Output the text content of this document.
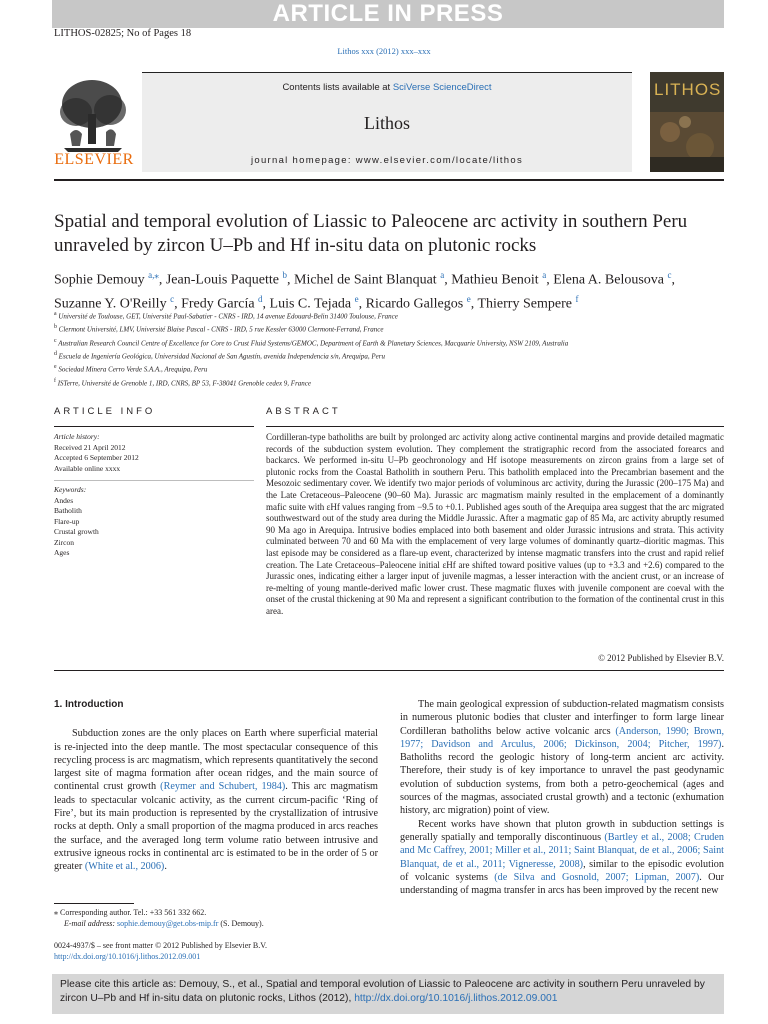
ARTICLE IN PRESS
LITHOS-02825; No of Pages 18
Lithos xxx (2012) xxx–xxx
ELSEVIER
Contents lists available at SciVerse ScienceDirect
Lithos
journal homepage: www.elsevier.com/locate/lithos
LITHOS
Spatial and temporal evolution of Liassic to Paleocene arc activity in southern Peru unraveled by zircon U–Pb and Hf in-situ data on plutonic rocks
Sophie Demouy $^{a,⁎}$, Jean-Louis Paquette $^b$, Michel de Saint Blanquat $^a$, Mathieu Benoit $^a$, Elena A. Belousova $^c$,
Suzanne Y. O'Reilly $^c$, Fredy García $^d$, Luis C. Tejada $^e$, Ricardo Gallegos $^e$, Thierry Sempere $^f$
$^a$ Université de Toulouse, GET, Université Paul-Sabatier - CNRS - IRD, 14 avenue Edouard-Belin 31400 Toulouse, France
$^b$ Clermont Université, LMV, Université Blaise Pascal - CNRS - IRD, 5 rue Kessler 63000 Clermont-Ferrand, France
$^c$ Australian Research Council Centre of Excellence for Core to Crust Fluid Systems/GEMOC, Department of Earth & Planetary Sciences, Macquarie University, NSW 2109, Australia
$^d$ Escuela de Ingeniería Geológica, Universidad Nacional de San Agustín, avenida Independencia s/n, Arequipa, Peru
$^e$ Sociedad Minera Cerro Verde S.A.A., Arequipa, Peru
$^f$ ISTerre, Université de Grenoble 1, IRD, CNRS, BP 53, F-38041 Grenoble cedex 9, France
ARTICLE INFO	ABSTRACT
Article history:
Received 21 April 2012
Accepted 6 September 2012
Available online xxxx
Keywords:
Andes
Batholith
Flare-up
Crustal growth
Zircon
Ages
Cordilleran-type batholiths are built by prolonged arc activity along active continental margins and provide detailed magmatic records of the subduction system evolution. They complement the stratigraphic record from the associated forearcs and backarcs. We performed in-situ U–Pb geochronology and Hf isotope measurements on zircon grains from a large set of plutonic rocks from the Coastal Batholith in southern Peru. This batholith emplaced into the Precambrian basement and the Mesozoic sedimentary cover. We identify two major periods of voluminous arc activity, during the Jurassic (200–175 Ma) and the Late Cretaceous–Paleocene (90–60 Ma). Jurassic arc magmatism mainly resulted in the emplacement of a dominantly mafic suite with εHf values ranging from −9.5 to +0.1. Published ages south of the Arequipa area suggest that the arc migrated southwestward out of the study area during the Middle Jurassic. After a magmatic gap of 85 Ma, arc activity abruptly resumed 90 Ma ago in Arequipa. Intrusive bodies emplaced into both basement and older Jurassic intrusions and strata. This activity culminated between 70 and 60 Ma with the emplacement of very large volumes of dominantly quartz–dioritic magmas. This last episode may be considered as a flare-up event, characterized by intense magmatic transfers into the crust and rapid relief creation. The Late Cretaceous–Paleocene initial εHf are shifted toward positive values (up to +3.3 and +2.6) compared to the Jurassic ones, indicating either a larger input of juvenile magmas, a lesser interaction with the ancient crust, or an increase of re-melting of young mantle-derived mafic lower crust. These magmatic fluxes with juvenile component are coeval with the onset of the crustal thickening at 90 Ma and represent a significant contribution to the formation of the continental crust in this area.
© 2012 Published by Elsevier B.V.
1. Introduction

Subduction zones are the only places on Earth where superficial material is re-injected into the deep mantle. The most spectacular consequence of this recycling process is arc magmatism, which represents quantitatively the second largest site of magma formation after ocean ridges, and the main source of continental crust growth (Reymer and Schubert, 1984). This arc magmatism leads to spectacular volcanic activity, as the current circum-pacific ‘Ring of Fire’, but its main production is represented by the crystallization of intrusive rocks at depth. Only a small proportion of the magma produced in arcs reaches the surface, and the averaged long term volume ratio between intrusive and extrusive igneous rocks in continental arc is estimated to be in the order of 5 or greater (White et al., 2006).

The main geological expression of subduction-related magmatism consists in numerous plutonic bodies that cluster and interfinger to form large linear Cordilleran batholiths below active volcanic arcs (Anderson, 1990; Brown, 1977; Davidson and Arculus, 2006; Dickinson, 2004; Pitcher, 1997). Batholiths record the geologic history of long-term ancient arc activity. Therefore, their study is of key importance to unravel the past geodynamic evolution of subduction systems, from both a petro-geochemical (ages and sources of the magmas, associated crustal growth) and a tectonic (exhumation history, arc migration) point of view.

Recent works have shown that pluton growth in subduction settings is generally spatially and temporally discontinuous (Bartley et al., 2008; Cruden and Mc Caffrey, 2001; Miller et al., 2011; Saint Blanquat, de et al., 2006; Saint Blanquat, de et al., 2011; Vigneresse, 2008), similar to the episodic evolution of volcanic systems (de Silva and Gosnold, 2007; Lipman, 2007). Our understanding of magma transfer in arcs has been improved by the recent new

⁎ Corresponding author. Tel.: +33 561 332 662.
E-mail address: sophie.demouy@get.obs-mip.fr (S. Demouy).
0024-4937/$ – see front matter © 2012 Published by Elsevier B.V.
http://dx.doi.org/10.1016/j.lithos.2012.09.001
Please cite this article as: Demouy, S., et al., Spatial and temporal evolution of Liassic to Paleocene arc activity in southern Peru unraveled by zircon U–Pb and Hf in-situ data on plutonic rocks, Lithos (2012), http://dx.doi.org/10.1016/j.lithos.2012.09.001
